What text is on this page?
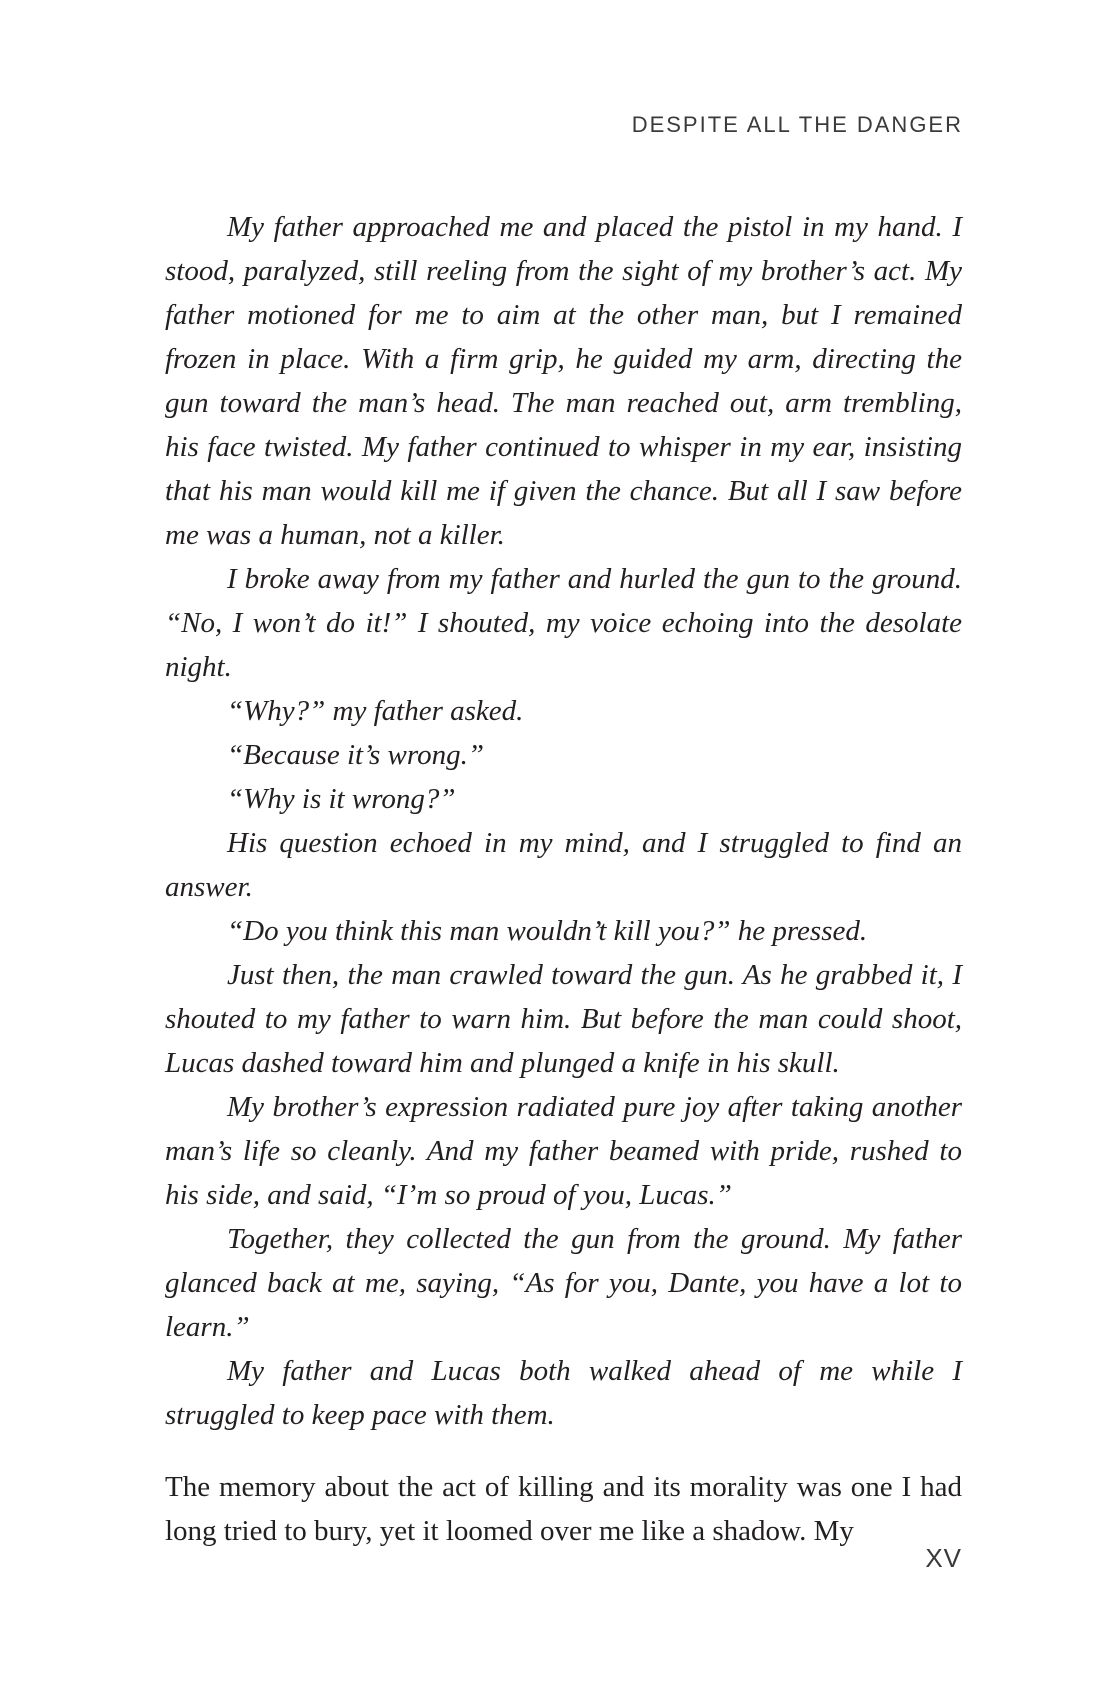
DESPITE ALL THE DANGER

My father approached me and placed the pistol in my hand. I stood, paralyzed, still reeling from the sight of my brother’s act. My father motioned for me to aim at the other man, but I remained frozen in place. With a firm grip, he guided my arm, directing the gun toward the man’s head. The man reached out, arm trembling, his face twisted. My father continued to whisper in my ear, insisting that his man would kill me if given the chance. But all I saw before me was a human, not a killer.

I broke away from my father and hurled the gun to the ground. “No, I won’t do it!” I shouted, my voice echoing into the desolate night.

“Why?” my father asked.

“Because it’s wrong.”

“Why is it wrong?”

His question echoed in my mind, and I struggled to find an answer.

“Do you think this man wouldn’t kill you?” he pressed.

Just then, the man crawled toward the gun. As he grabbed it, I shouted to my father to warn him. But before the man could shoot, Lucas dashed toward him and plunged a knife in his skull.

My brother’s expression radiated pure joy after taking another man’s life so cleanly. And my father beamed with pride, rushed to his side, and said, “I’m so proud of you, Lucas.”

Together, they collected the gun from the ground. My father glanced back at me, saying, “As for you, Dante, you have a lot to learn.”

My father and Lucas both walked ahead of me while I struggled to keep pace with them.

The memory about the act of killing and its morality was one I had long tried to bury, yet it loomed over me like a shadow. My

XV
